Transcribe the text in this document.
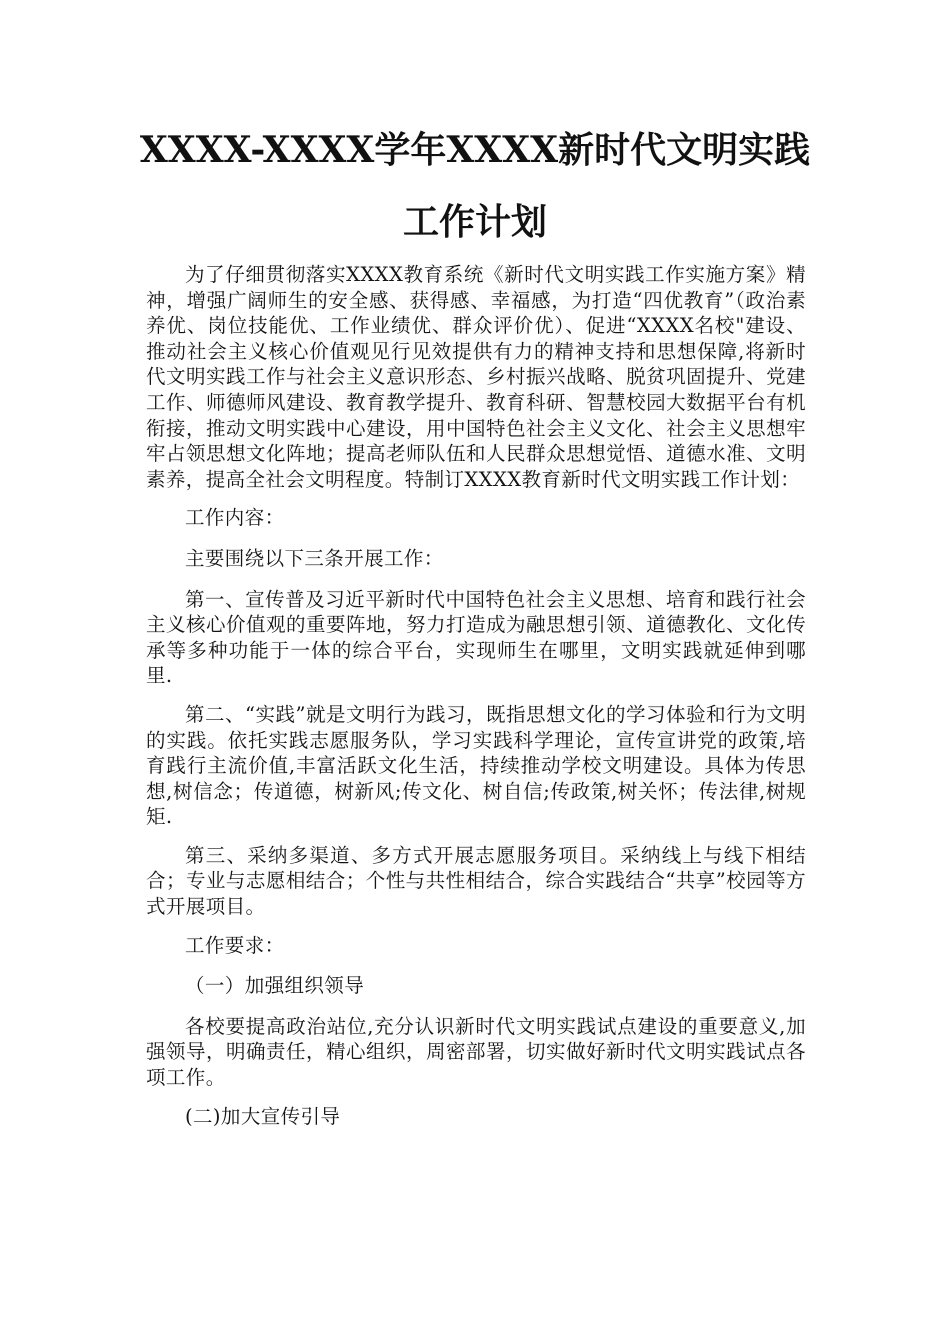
XXXX-XXXX学年XXXX新时代文明实践
工作计划

为了仔细贯彻落实XXXX教育系统《新时代文明实践工作实施方案》精神，增强广阔师生的安全感、获得感、幸福感，为打造“四优教育”（政治素养优、岗位技能优、工作业绩优、群众评价优）、促进“XXXX名校"建设、推动社会主义核心价值观见行见效提供有力的精神支持和思想保障,将新时代文明实践工作与社会主义意识形态、乡村振兴战略、脱贫巩固提升、党建工作、师德师风建设、教育教学提升、教育科研、智慧校园大数据平台有机衔接，推动文明实践中心建设，用中国特色社会主义文化、社会主义思想牢牢占领思想文化阵地；提高老师队伍和人民群众思想觉悟、道德水准、文明素养，提高全社会文明程度。特制订XXXX教育新时代文明实践工作计划：

工作内容：

主要围绕以下三条开展工作：

第一、宣传普及习近平新时代中国特色社会主义思想、培育和践行社会主义核心价值观的重要阵地，努力打造成为融思想引领、道德教化、文化传承等多种功能于一体的综合平台，实现师生在哪里，文明实践就延伸到哪里.

第二、“实践”就是文明行为践习，既指思想文化的学习体验和行为文明的实践。依托实践志愿服务队，学习实践科学理论，宣传宣讲党的政策,培育践行主流价值,丰富活跃文化生活，持续推动学校文明建设。具体为传思想,树信念；传道德，树新风;传文化、树自信;传政策,树关怀；传法律,树规矩.

第三、采纳多渠道、多方式开展志愿服务项目。采纳线上与线下相结合；专业与志愿相结合；个性与共性相结合，综合实践结合“共享”校园等方式开展项目。

工作要求：

（一）加强组织领导

各校要提高政治站位,充分认识新时代文明实践试点建设的重要意义,加强领导，明确责任，精心组织，周密部署，切实做好新时代文明实践试点各项工作。

(二)加大宣传引导
